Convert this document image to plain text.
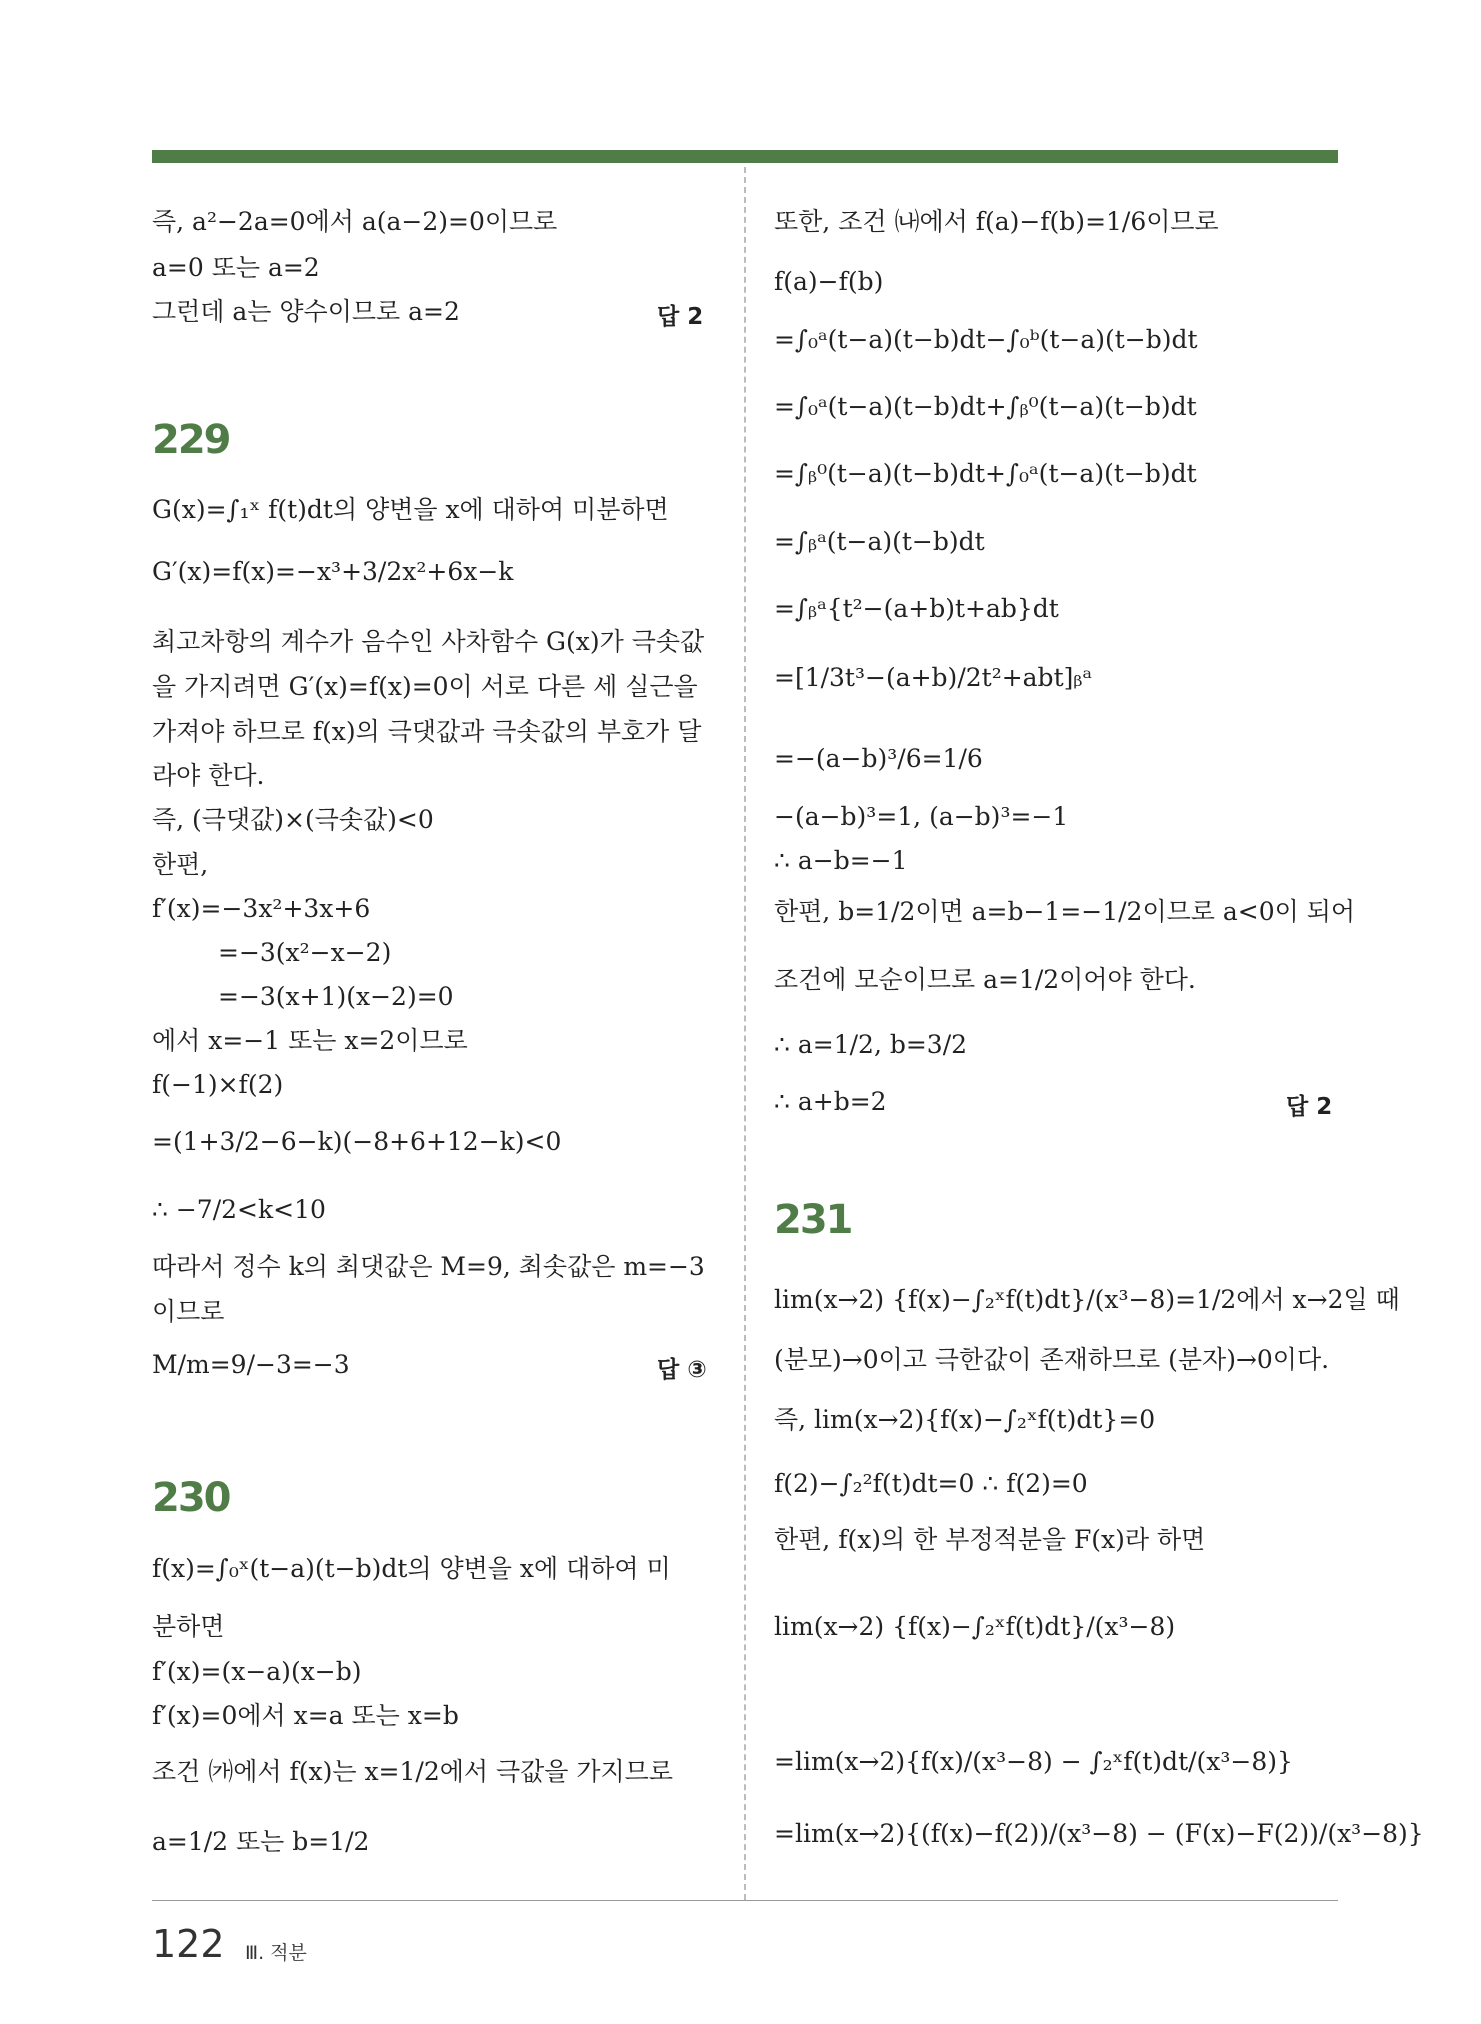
즉, a²−2a=0에서 a(a−2)=0이므로
a=0 또는 a=2
그런데 a는 양수이므로 a=2	답 2
229
G(x)=∫₁ˣ f(t)dt의 양변을 x에 대하여 미분하면
G′(x)=f(x)=−x³+3/2x²+6x−k
최고차항의 계수가 음수인 사차함수 G(x)가 극솟값
을 가지려면 G′(x)=f(x)=0이 서로 다른 세 실근을
가져야 하므로 f(x)의 극댓값과 극솟값의 부호가 달
라야 한다.
즉, (극댓값)×(극솟값)<0
한편,
f′(x)=−3x²+3x+6
=−3(x²−x−2)
=−3(x+1)(x−2)=0
에서 x=−1 또는 x=2이므로
f(−1)×f(2)
=(1+3/2−6−k)(−8+6+12−k)<0
∴ −7/2<k<10
따라서 정수 k의 최댓값은 M=9, 최솟값은 m=−3
이므로
M/m=9/−3=−3	답 ③
230
f(x)=∫₀ˣ(t−a)(t−b)dt의 양변을 x에 대하여 미
분하면
f′(x)=(x−a)(x−b)
f′(x)=0에서 x=a 또는 x=b
조건 ㈎에서 f(x)는 x=1/2에서 극값을 가지므로
a=1/2 또는 b=1/2
또한, 조건 ㈏에서 f(a)−f(b)=1/6이므로
f(a)−f(b)
=∫₀ᵃ(t−a)(t−b)dt−∫₀ᵇ(t−a)(t−b)dt
=∫₀ᵃ(t−a)(t−b)dt+∫ᵦ⁰(t−a)(t−b)dt
=∫ᵦ⁰(t−a)(t−b)dt+∫₀ᵃ(t−a)(t−b)dt
=∫ᵦᵃ(t−a)(t−b)dt
=∫ᵦᵃ{t²−(a+b)t+ab}dt
=[1/3t³−(a+b)/2t²+abt]ᵦᵃ
=−(a−b)³/6=1/6
−(a−b)³=1, (a−b)³=−1
∴ a−b=−1
한편, b=1/2이면 a=b−1=−1/2이므로 a<0이 되어
조건에 모순이므로 a=1/2이어야 한다.
∴ a=1/2, b=3/2
∴ a+b=2	답 2
231
lim(x→2) {f(x)−∫₂ˣf(t)dt}/(x³−8)=1/2에서 x→2일 때
(분모)→0이고 극한값이 존재하므로 (분자)→0이다.
즉, lim(x→2){f(x)−∫₂ˣf(t)dt}=0
f(2)−∫₂²f(t)dt=0 ∴ f(2)=0
한편, f(x)의 한 부정적분을 F(x)라 하면
lim(x→2) {f(x)−∫₂ˣf(t)dt}/(x³−8)
=lim(x→2){f(x)/(x³−8) − ∫₂ˣf(t)dt/(x³−8)}
=lim(x→2){(f(x)−f(2))/(x³−8) − (F(x)−F(2))/(x³−8)}
122 Ⅲ. 적분
